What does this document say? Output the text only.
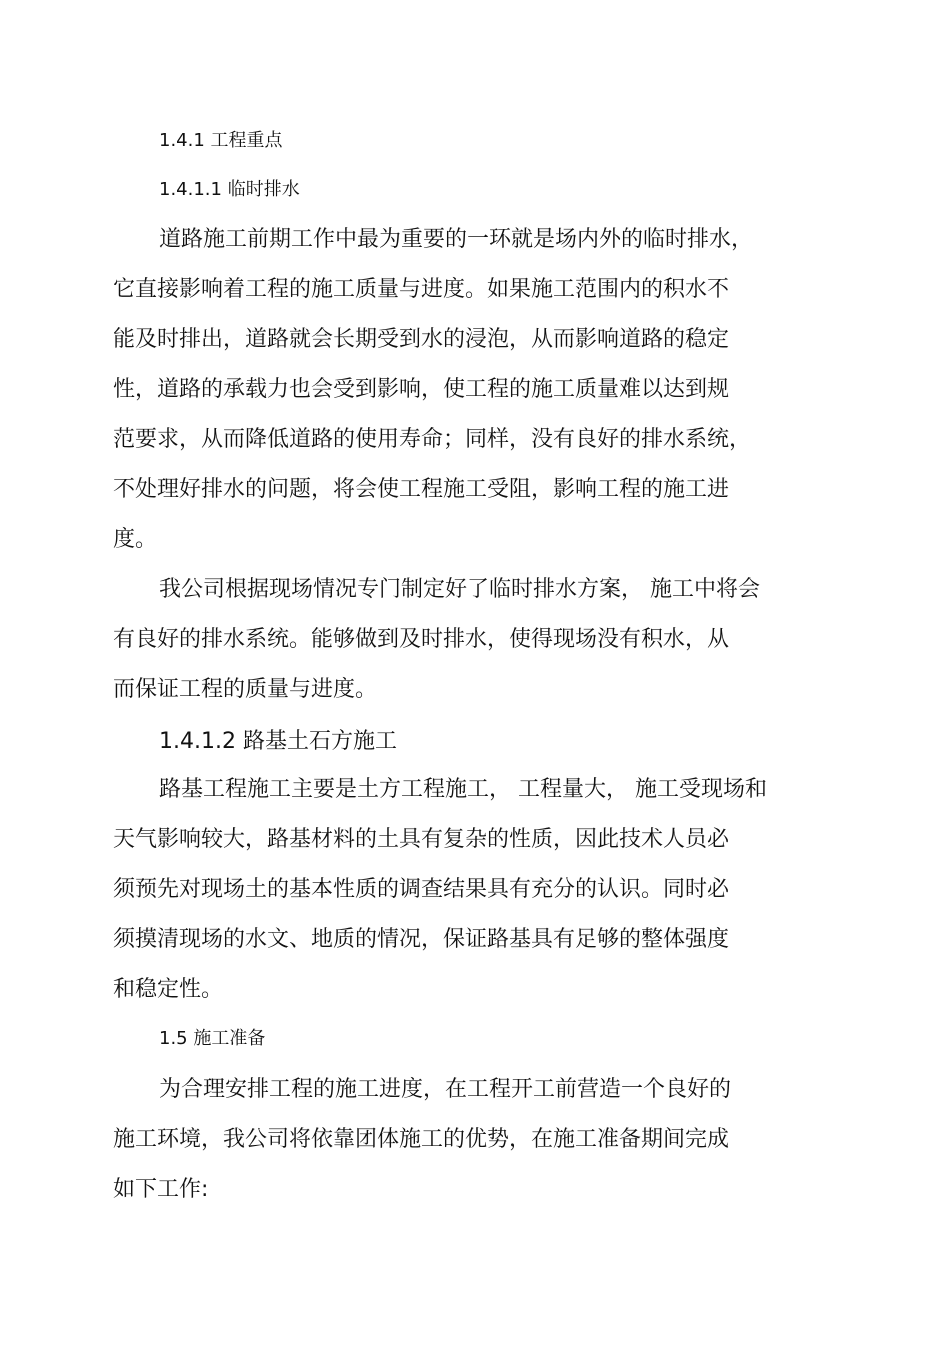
1.4.1 工程重点
1.4.1.1 临时排水
道路施工前期工作中最为重要的一环就是场内外的临时排水，
它直接影响着工程的施工质量与进度。如果施工范围内的积水不
能及时排出，道路就会长期受到水的浸泡，从而影响道路的稳定
性，道路的承载力也会受到影响，使工程的施工质量难以达到规
范要求，从而降低道路的使用寿命；同样，没有良好的排水系统，
不处理好排水的问题，将会使工程施工受阻，影响工程的施工进
度。
我公司根据现场情况专门制定好了临时排水方案， 施工中将会
有良好的排水系统。能够做到及时排水，使得现场没有积水，从
而保证工程的质量与进度。
1.4.1.2 路基土石方施工
路基工程施工主要是土方工程施工， 工程量大， 施工受现场和
天气影响较大，路基材料的土具有复杂的性质，因此技术人员必
须预先对现场土的基本性质的调查结果具有充分的认识。同时必
须摸清现场的水文、地质的情况，保证路基具有足够的整体强度
和稳定性。
1.5 施工准备
为合理安排工程的施工进度，在工程开工前营造一个良好的
施工环境，我公司将依靠团体施工的优势，在施工准备期间完成
如下工作:
